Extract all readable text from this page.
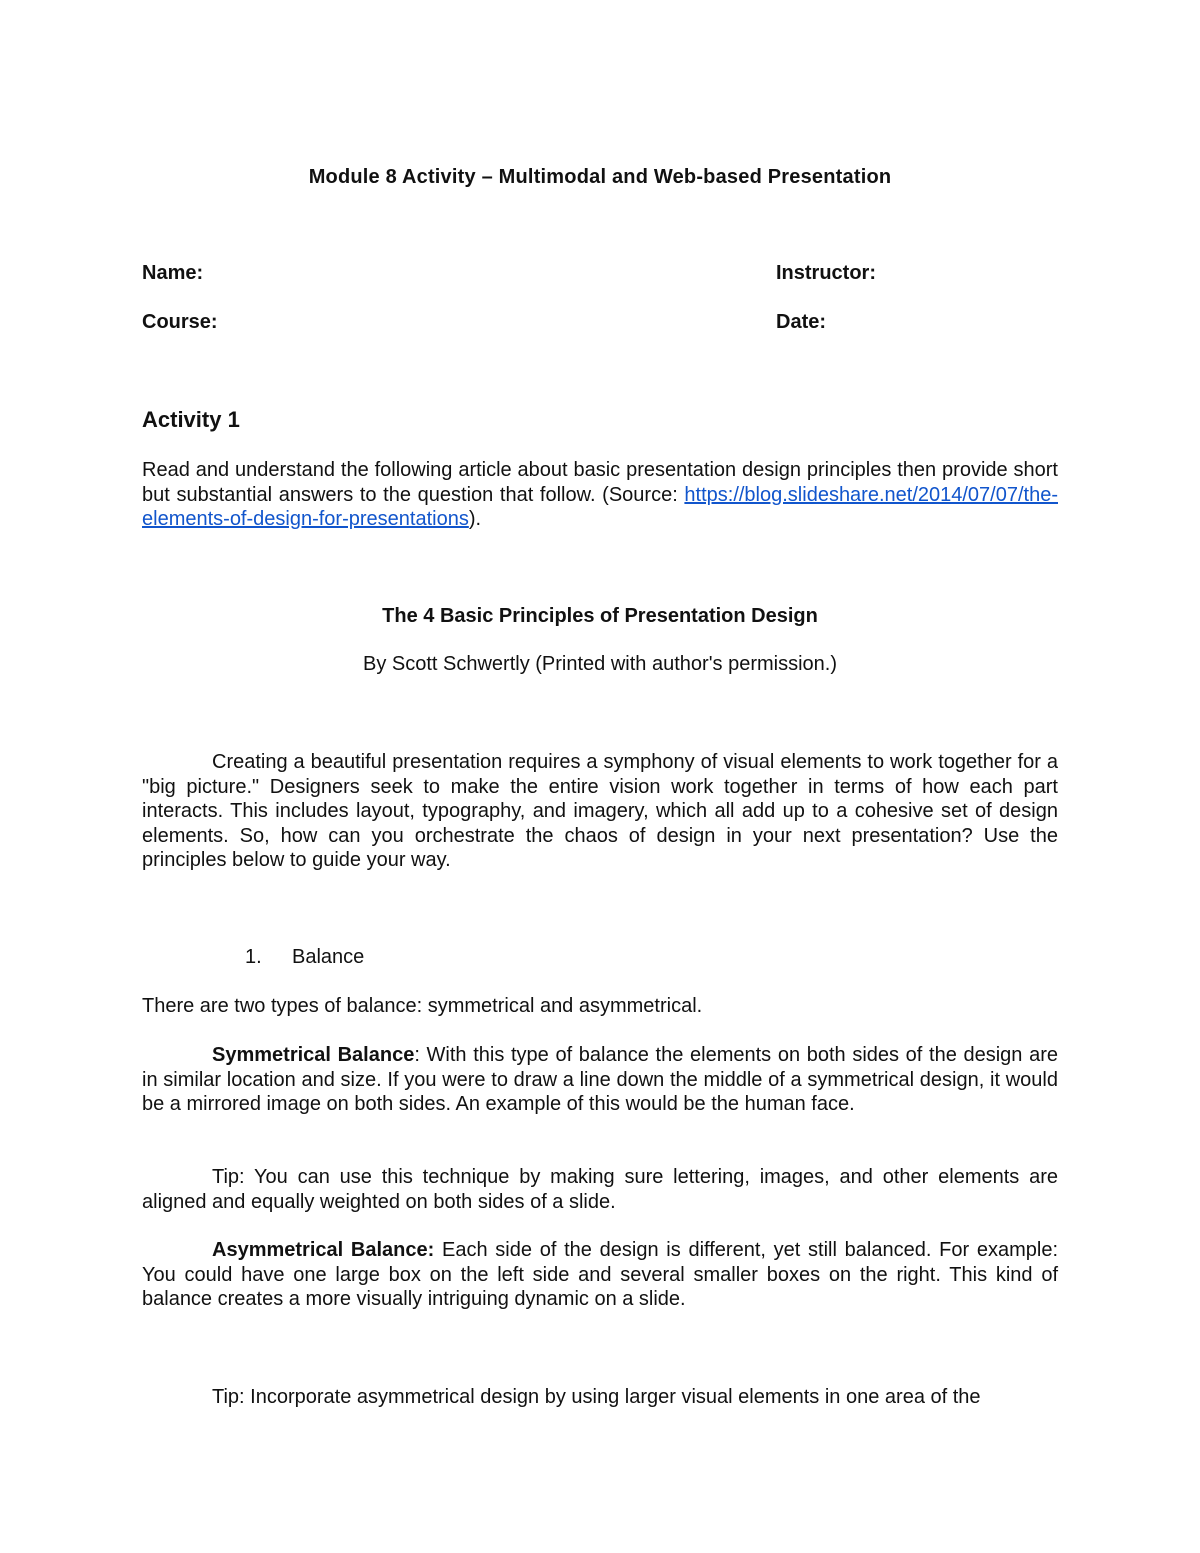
Module 8 Activity – Multimodal and Web-based Presentation
Name:	Instructor:
Course:	Date:
Activity 1
Read and understand the following article about basic presentation design principles then provide short but substantial answers to the question that follow. (Source: https://blog.slideshare.net/2014/07/07/the-elements-of-design-for-presentations).
The 4 Basic Principles of Presentation Design
By Scott Schwertly (Printed with author's permission.)
Creating a beautiful presentation requires a symphony of visual elements to work together for a "big picture." Designers seek to make the entire vision work together in terms of how each part interacts. This includes layout, typography, and imagery, which all add up to a cohesive set of design elements. So, how can you orchestrate the chaos of design in your next presentation? Use the principles below to guide your way.
1. Balance
There are two types of balance: symmetrical and asymmetrical.
Symmetrical Balance: With this type of balance the elements on both sides of the design are in similar location and size. If you were to draw a line down the middle of a symmetrical design, it would be a mirrored image on both sides. An example of this would be the human face.
Tip: You can use this technique by making sure lettering, images, and other elements are aligned and equally weighted on both sides of a slide.
Asymmetrical Balance: Each side of the design is different, yet still balanced. For example: You could have one large box on the left side and several smaller boxes on the right. This kind of balance creates a more visually intriguing dynamic on a slide.
Tip: Incorporate asymmetrical design by using larger visual elements in one area of the
